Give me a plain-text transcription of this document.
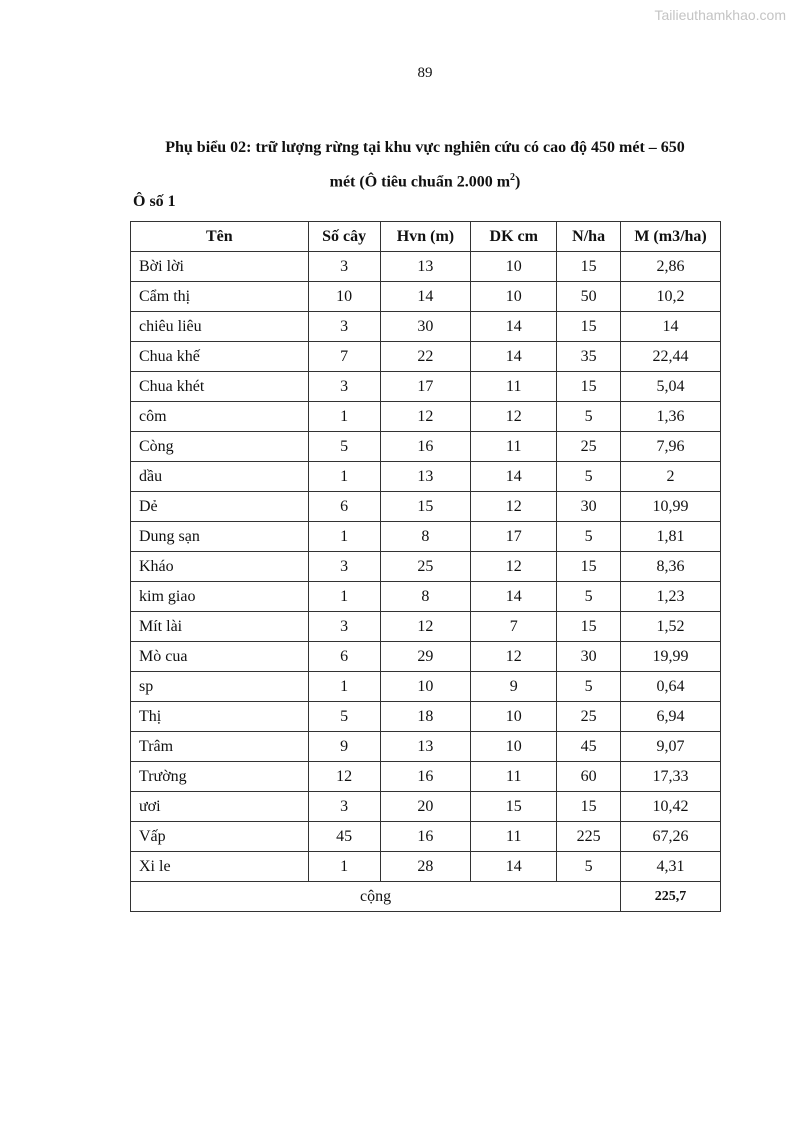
Tailieuthamkhao.com
89
Phụ biểu 02: trữ lượng rừng tại khu vực nghiên cứu có cao độ 450 mét – 650
mét (Ô tiêu chuẩn 2.000 $m^2$)
Ô số 1
Tên	Số cây	Hvn (m)	DK cm	N/ha	M (m3/ha)
Bời lời	3	13	10	15	2,86
Cẩm thị	10	14	10	50	10,2
chiêu liêu	3	30	14	15	14
Chua khế	7	22	14	35	22,44
Chua khét	3	17	11	15	5,04
côm	1	12	12	5	1,36
Còng	5	16	11	25	7,96
dầu	1	13	14	5	2
Dẻ	6	15	12	30	10,99
Dung sạn	1	8	17	5	1,81
Kháo	3	25	12	15	8,36
kim giao	1	8	14	5	1,23
Mít lài	3	12	7	15	1,52
Mò cua	6	29	12	30	19,99
sp	1	10	9	5	0,64
Thị	5	18	10	25	6,94
Trâm	9	13	10	45	9,07
Trường	12	16	11	60	17,33
ươi	3	20	15	15	10,42
Vấp	45	16	11	225	67,26
Xi le	1	28	14	5	4,31
cộng					225,7
